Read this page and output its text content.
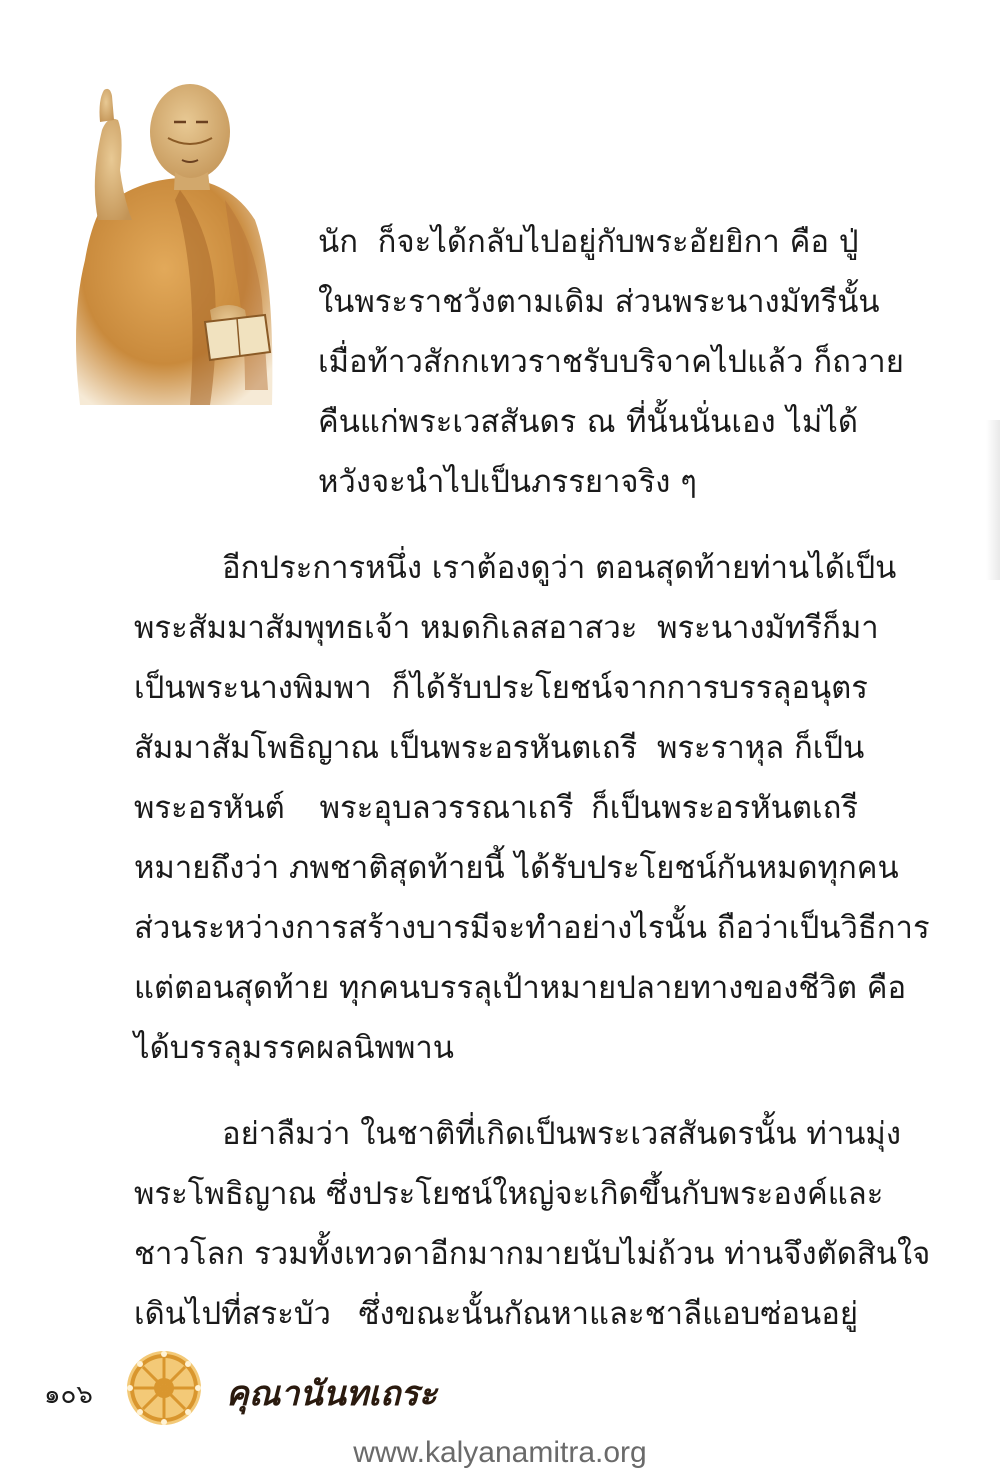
นัก  ก็จะได้กลับไปอยู่กับพระอัยยิกา คือ ปู่
ในพระราชวังตามเดิม ส่วนพระนางมัทรีนั้น
เมื่อท้าวสักกเทวราชรับบริจาคไปแล้ว ก็ถวาย
คืนแก่พระเวสสันดร ณ ที่นั้นนั่นเอง ไม่ได้
หวังจะนำไปเป็นภรรยาจริง ๆ
อีกประการหนึ่ง เราต้องดูว่า ตอนสุดท้ายท่านได้เป็น
พระสัมมาสัมพุทธเจ้า หมดกิเลสอาสวะ  พระนางมัทรีก็มา
เป็นพระนางพิมพา  ก็ได้รับประโยชน์จากการบรรลุอนุตร
สัมมาสัมโพธิญาณ เป็นพระอรหันตเถรี  พระราหุล ก็เป็น
พระอรหันต์  พระอุบลวรรณาเถรี ก็เป็นพระอรหันตเถรี
หมายถึงว่า ภพชาติสุดท้ายนี้ ได้รับประโยชน์กันหมดทุกคน
ส่วนระหว่างการสร้างบารมีจะทำอย่างไรนั้น ถือว่าเป็นวิธีการ
แต่ตอนสุดท้าย ทุกคนบรรลุเป้าหมายปลายทางของชีวิต คือ
ได้บรรลุมรรคผลนิพพาน
อย่าลืมว่า ในชาติที่เกิดเป็นพระเวสสันดรนั้น ท่านมุ่ง
พระโพธิญาณ ซึ่งประโยชน์ใหญ่จะเกิดขึ้นกับพระองค์และ
ชาวโลก รวมทั้งเทวดาอีกมากมายนับไม่ถ้วน ท่านจึงตัดสินใจ
เดินไปที่สระบัว  ซึ่งขณะนั้นกัณหาและชาลีแอบซ่อนอยู่
๑๐๖	คุณานันทเถระ
www.kalyanamitra.org
